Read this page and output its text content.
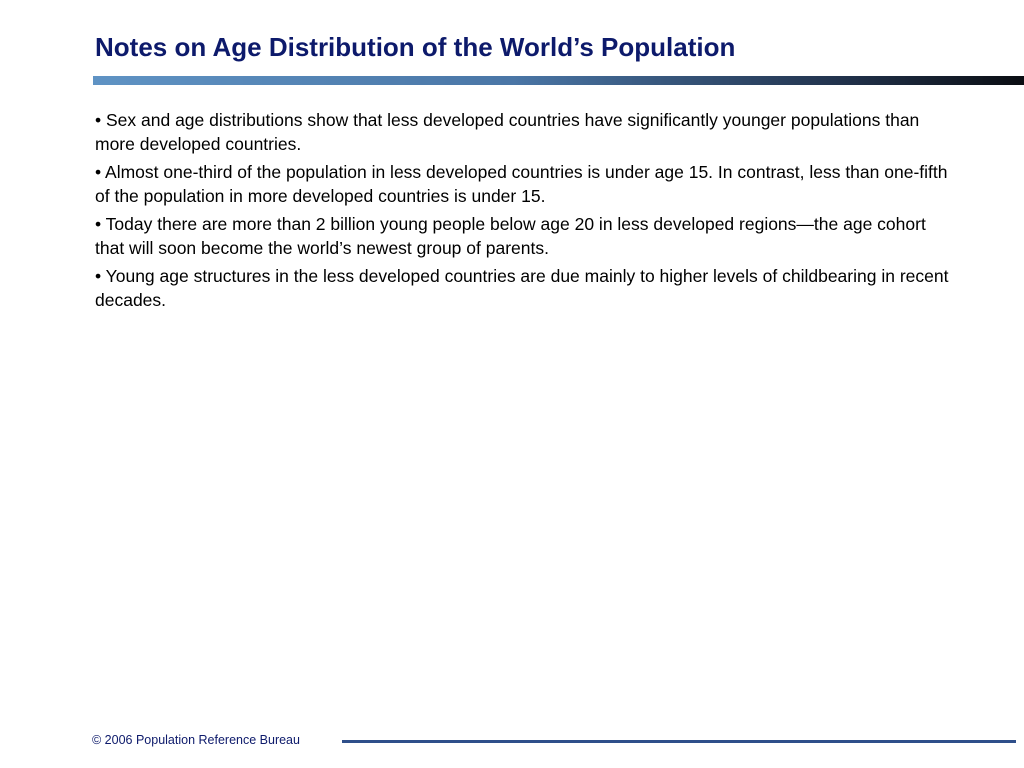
Notes on Age Distribution of the World’s Population
• Sex and age distributions show that less developed countries have significantly younger populations than more developed countries.
• Almost one-third of the population in less developed countries is under age 15. In contrast, less than one-fifth of the population in more developed countries is under 15.
• Today there are more than 2 billion young people below age 20 in less developed regions—the age cohort that will soon become the world’s newest group of parents.
• Young age structures in the less developed countries are due mainly to higher levels of childbearing in recent decades.
© 2006 Population Reference Bureau
